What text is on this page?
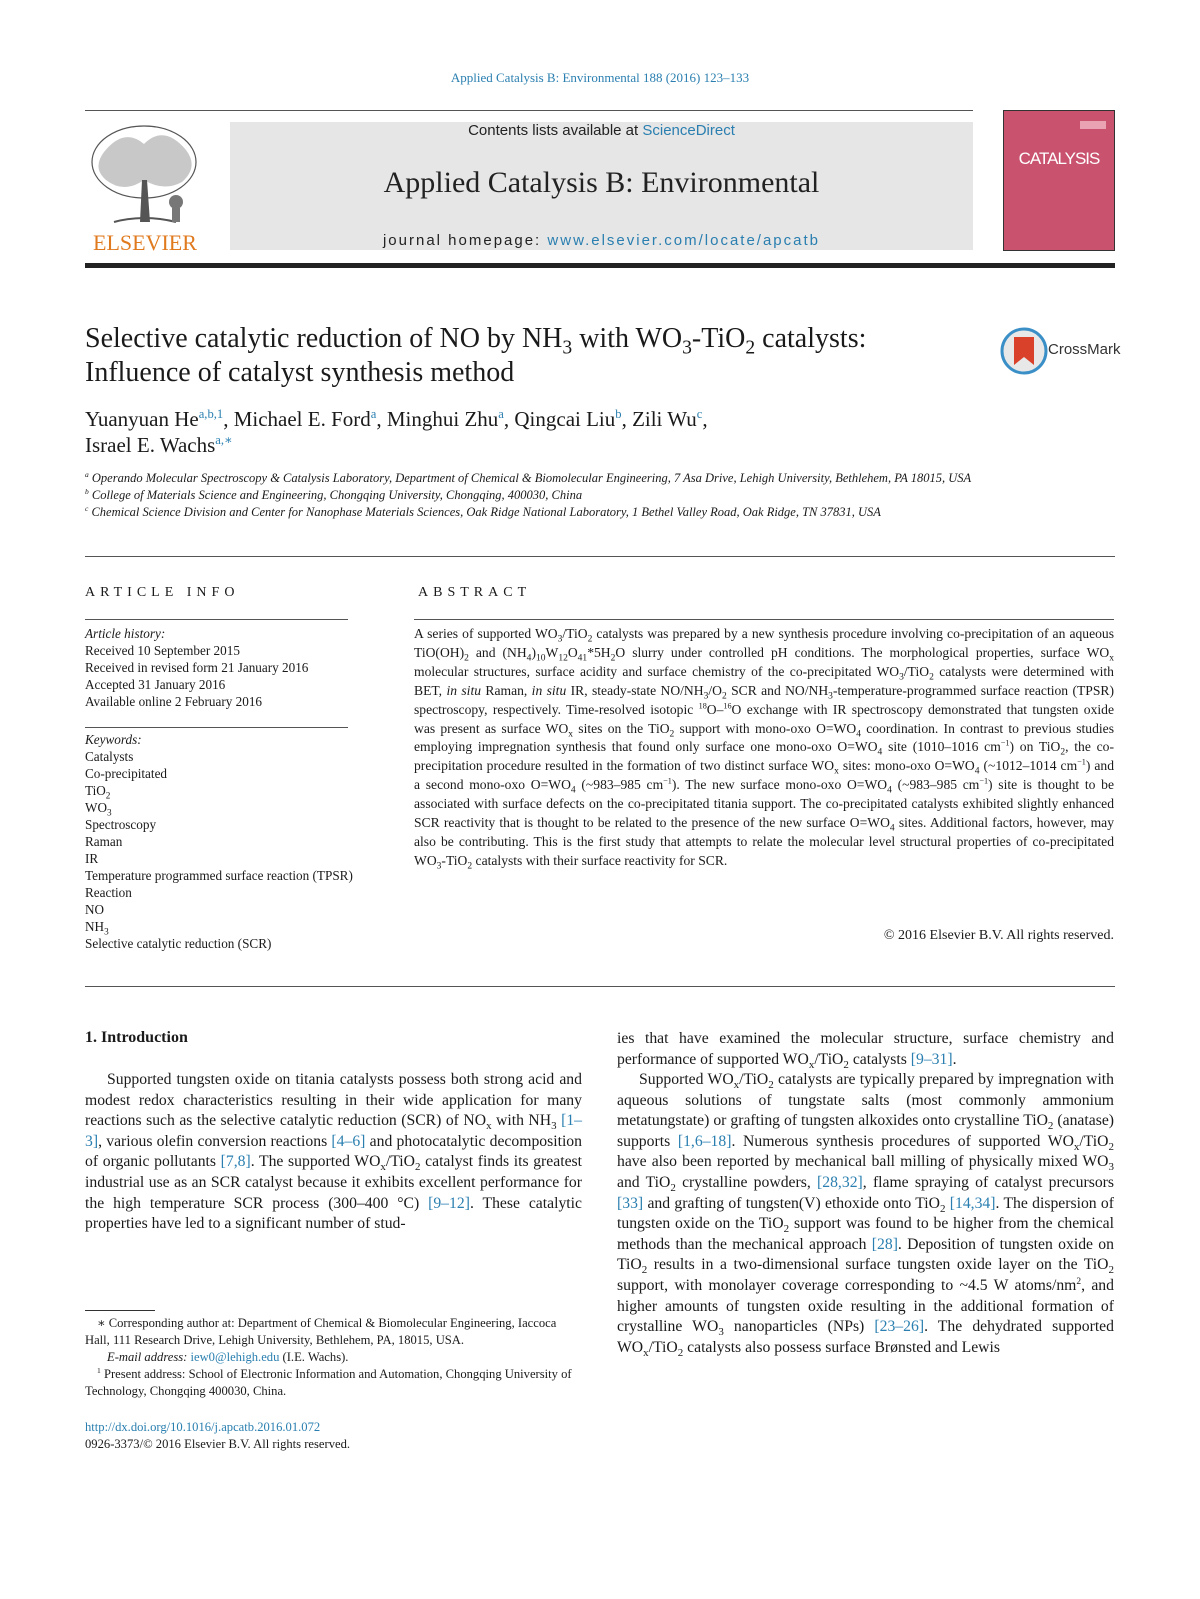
Applied Catalysis B: Environmental 188 (2016) 123–133
ELSEVIER
Contents lists available at ScienceDirect
Applied Catalysis B: Environmental
journal homepage: www.elsevier.com/locate/apcatb
CATALYSIS
Selective catalytic reduction of NO by $NH_3$ with $WO_3-TiO_2$ catalysts:
Influence of catalyst synthesis method
CrossMark
Yuanyuan He$^{a,b,1}$, Michael E. Ford$^a$, Minghui Zhu$^a$, Qingcai Liu$^b$, Zili Wu$^c$,
Israel E. Wachs$^{a,∗}$
$^a$ Operando Molecular Spectroscopy & Catalysis Laboratory, Department of Chemical & Biomolecular Engineering, 7 Asa Drive, Lehigh University, Bethlehem, PA 18015, USA
$^b$ College of Materials Science and Engineering, Chongqing University, Chongqing, 400030, China
$^c$ Chemical Science Division and Center for Nanophase Materials Sciences, Oak Ridge National Laboratory, 1 Bethel Valley Road, Oak Ridge, TN 37831, USA
ARTICLE INFO
Article history:
Received 10 September 2015
Received in revised form 21 January 2016
Accepted 31 January 2016
Available online 2 February 2016
Keywords:
Catalysts
Co-precipitated
TiO$_2$
$WO_3$
Spectroscopy
Raman
IR
Temperature programmed surface reaction (TPSR)
Reaction
NO
$NH_3$
Selective catalytic reduction (SCR)
ABSTRACT
A series of supported $WO_3/TiO_2$ catalysts was prepared by a new synthesis procedure involving co-precipitation of an aqueous $TiO(OH)_2$ and $(NH_4)_{10}W_{12}O_{41}*5H_2O$ slurry under controlled pH conditions. The morphological properties, surface $WO_x$ molecular structures, surface acidity and surface chemistry of the co-precipitated $WO_3/TiO_2$ catalysts were determined with BET, in situ Raman, in situ IR, steady-state $NO/NH_3/O_2$ SCR and $NO/NH_3-temperature$-programmed surface reaction (TPSR) spectroscopy, respectively. Time-resolved isotopic $^{18}$O–$^{16}$O exchange with IR spectroscopy demonstrated that tungsten oxide was present as surface $WO_x$ sites on the TiO$_2$ support with mono-oxo $O=WO_4$ coordination. In contrast to previous studies employing impregnation synthesis that found only surface one mono-oxo $O=WO_4$ site (1010–1016 $cm^{-1}$) on TiO$_2$, the co-precipitation procedure resulted in the formation of two distinct surface $WO_x$ sites: mono-oxo $O=WO_4$ (~1012–1014 $cm^{-1}$) and a second mono-oxo $O=WO_4$ (~983–985 $cm^{-1}$). The new surface mono-oxo $O=WO_4$ (~983–985 $cm^{-1}$) site is thought to be associated with surface defects on the co-precipitated titania support. The co-precipitated catalysts exhibited slightly enhanced SCR reactivity that is thought to be related to the presence of the new surface $O=WO_4$ sites. Additional factors, however, may also be contributing. This is the first study that attempts to relate the molecular level structural properties of co-precipitated $WO_3-TiO_2$ catalysts with their surface reactivity for SCR.
© 2016 Elsevier B.V. All rights reserved.
1. Introduction
Supported tungsten oxide on titania catalysts possess both strong acid and modest redox characteristics resulting in their wide application for many reactions such as the selective catalytic reduction (SCR) of $NO_x$ with $NH_3$ [1–3], various olefin conversion reactions [4–6] and photocatalytic decomposition of organic pollutants [7,8]. The supported $WO_x/TiO_2$ catalyst finds its greatest industrial use as an SCR catalyst because it exhibits excellent performance for the high temperature SCR process (300–400 °C) [9–12]. These catalytic properties have led to a significant number of stud-
ies that have examined the molecular structure, surface chemistry and performance of supported $WO_x/TiO_2$ catalysts [9–31].
Supported $WO_x/TiO_2$ catalysts are typically prepared by impregnation with aqueous solutions of tungstate salts (most commonly ammonium metatungstate) or grafting of tungsten alkoxides onto crystalline TiO$_2$ (anatase) supports [1,6–18]. Numerous synthesis procedures of supported $WO_x/TiO_2$ have also been reported by mechanical ball milling of physically mixed $WO_3$ and TiO$_2$ crystalline powders, [28,32], flame spraying of catalyst precursors [33] and grafting of tungsten(V) ethoxide onto TiO$_2$ [14,34]. The dispersion of tungsten oxide on the TiO$_2$ support was found to be higher from the chemical methods than the mechanical approach [28]. Deposition of tungsten oxide on TiO$_2$ results in a two-dimensional surface tungsten oxide layer on the TiO$_2$ support, with monolayer coverage corresponding to ~4.5 W atoms/$nm^2$, and higher amounts of tungsten oxide resulting in the additional formation of crystalline $WO_3$ nanoparticles (NPs) [23–26]. The dehydrated supported $WO_x/TiO_2$ catalysts also possess surface Brønsted and Lewis
∗ Corresponding author at: Department of Chemical & Biomolecular Engineering, Iaccoca Hall, 111 Research Drive, Lehigh University, Bethlehem, PA, 18015, USA.
E-mail address: iew0@lehigh.edu (I.E. Wachs).
$^1$ Present address: School of Electronic Information and Automation, Chongqing University of Technology, Chongqing 400030, China.
http://dx.doi.org/10.1016/j.apcatb.2016.01.072
0926-3373/© 2016 Elsevier B.V. All rights reserved.
